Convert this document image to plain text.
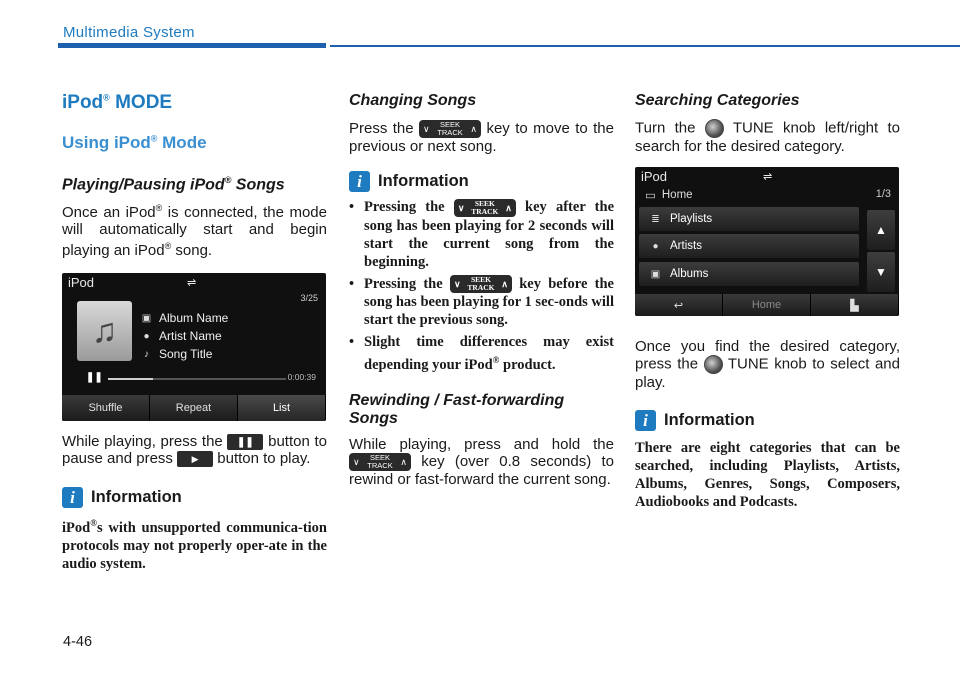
Multimedia System
iPod® MODE
Using iPod® Mode
Playing/Pausing iPod® Songs
Once an iPod® is connected, the mode will automatically start and begin playing an iPod® song.
iPod	⇌
3/25
♫	▣ Album Name
● Artist Name
♪ Song Title
❚❚	0:00:39
Shuffle	Repeat	List
While playing, press the ❚❚ button to pause and press ▶ button to play.
i Information
iPod®s with unsupported communica-tion protocols may not properly oper-ate in the audio system.
Changing Songs
Press the ∨	SEEK
TRACK ∧ key to move to the previous or next song.
i Information
• Pressing the ∨	SEEK
TRACK ∧ key after the song has been playing for 2 seconds will start the current song from the beginning.
• Pressing the ∨	SEEK
TRACK ∧ key before the song has been playing for 1 sec-onds will start the previous song.
• Slight time differences may exist depending your iPod® product.
Rewinding / Fast-forwarding Songs
While playing, press and hold the
∨	SEEK
TRACK ∧ key (over 0.8 seconds) to rewind or fast-forward the current song.
Searching Categories
Turn the TUNE knob left/right to search for the desired category.
iPod	⇌
▭ Home	1/3
≣ Playlists
● Artists
▣ Albums
▲
▼
↩	Home	▙
Once you find the desired category, press the TUNE knob to select and play.
i Information
There are eight categories that can be searched, including Playlists, Artists, Albums, Genres, Songs, Composers, Audiobooks and Podcasts.
4-46
